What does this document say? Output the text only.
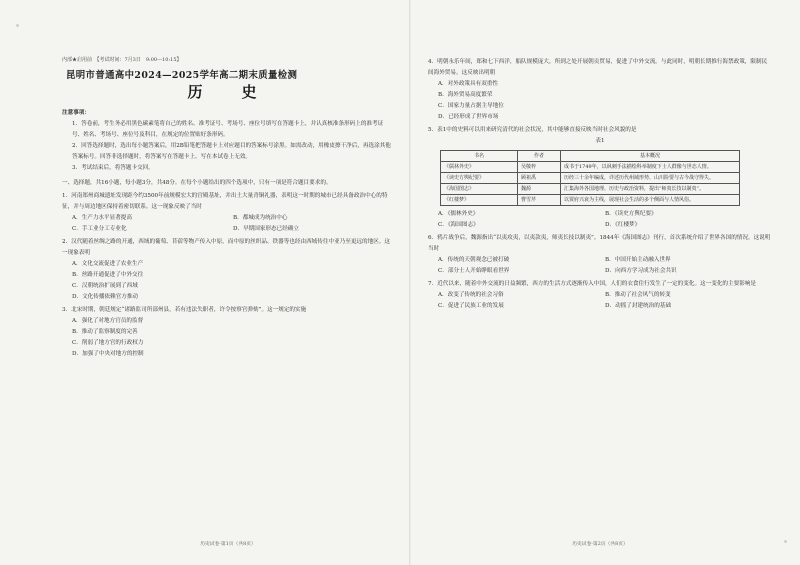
内部★启用前　【考试时间：7月3日　9:00—10:15】
昆明市普通高中2024—2025学年高二期末质量检测
历　史

注意事项：

1．答卷前，考生务必用黑色碳素笔将自己的姓名、准考证号、考场号、座位号填写在答题卡上，并认真核准条形码上的准考证号、姓名、考场号、座位号及科目，在规定的位置贴好条形码。

2．回答选择题时，选出每小题答案后，用2B铅笔把答题卡上对应题目的答案标号涂黑。如需改动，用橡皮擦干净后，再选涂其他答案标号。回答非选择题时，将答案写在答题卡上。写在本试卷上无效。

3．考试结束后，将答题卡交回。

一、选择题，共16小题，每小题3分，共48分。在每个小题给出的四个选项中，只有一项是符合题目要求的。

1．河南郑州商城遗址发现距今约3500年前规模宏大的宫殿基址，并出土大量青铜礼器，表明这一时期的城市已经具备政治中心的特征，并与周边地区保持着密切联系。这一现象反映了当时

A．生产力水平显著提高	B．都城成为统治中心
C．手工业分工专业化	D．早期国家形态已经确立

2．汉代随着丝绸之路的开通，西域的葡萄、苜蓿等物产传入中原，而中原的丝织品、铁器等也经由西域传往中亚乃至更远的地区。这一现象表明

A．文化交流促进了农业生产
B．丝路开通促进了中外交往
C．汉朝统治扩展到了西域
D．文化传播依赖官方推动

3．北宋时期，朝廷规定“诸路监司所部州县，若有违法失职者，许令按察官弹劾”。这一规定的实施

A．强化了对地方官员的监督
B．推动了监察制度的完善
C．削弱了地方官的行政权力
D．加强了中央对地方的控制
历史试卷·第1页（共8页）

4．明朝永乐年间，郑和七下西洋，船队规模庞大，所到之处开展朝贡贸易，促进了中外交流。与此同时，明朝长期推行海禁政策，限制民间海外贸易。这反映出明朝

A．对外政策具有双重性
B．海外贸易高度繁荣
C．国家力量占据主导地位
D．已经形成了世界市场

5．表1中的史料可以用来研究清代的社会状况，其中能够直接反映当时社会风貌的是

表1

书名	作者	基本概况
《儒林外史》	吴敬梓	成书于1749年，以讽刺手法描绘科举制度下士人群像与世态人情。
《读史方舆纪要》	顾祖禹	历经三十余年编成，详述历代州域形势、山川险要与古今战守得失。
《海国图志》	魏源	汇集海外各国地理、历史与政治资料，提出“师夷长技以制夷”。
《红楼梦》	曹雪芹	以贾府兴衰为主线，展现社会生活的多个侧面与人情风俗。
A．《儒林外史》	B．《读史方舆纪要》
C．《海国图志》	D．《红楼梦》

6．鸦片战争后，魏源指出“以夷攻夷，以夷款夷，师夷长技以制夷”。1844年《海国图志》刊行，首次系统介绍了世界各国的情况。这说明当时

A．传统的天朝观念已被打破	B．中国开始主动融入世界
C．部分士人开始睁眼看世界	D．向西方学习成为社会共识

7．近代以来，随着中外交流的日益频繁，西方的生活方式逐渐传入中国，人们的衣食住行发生了一定的变化。这一变化的主要影响是

A．改变了传统的社会习俗	B．推动了社会风气的转变
C．促进了民族工业的发展	D．动摇了封建统治的基础
历史试卷·第2页（共8页）
